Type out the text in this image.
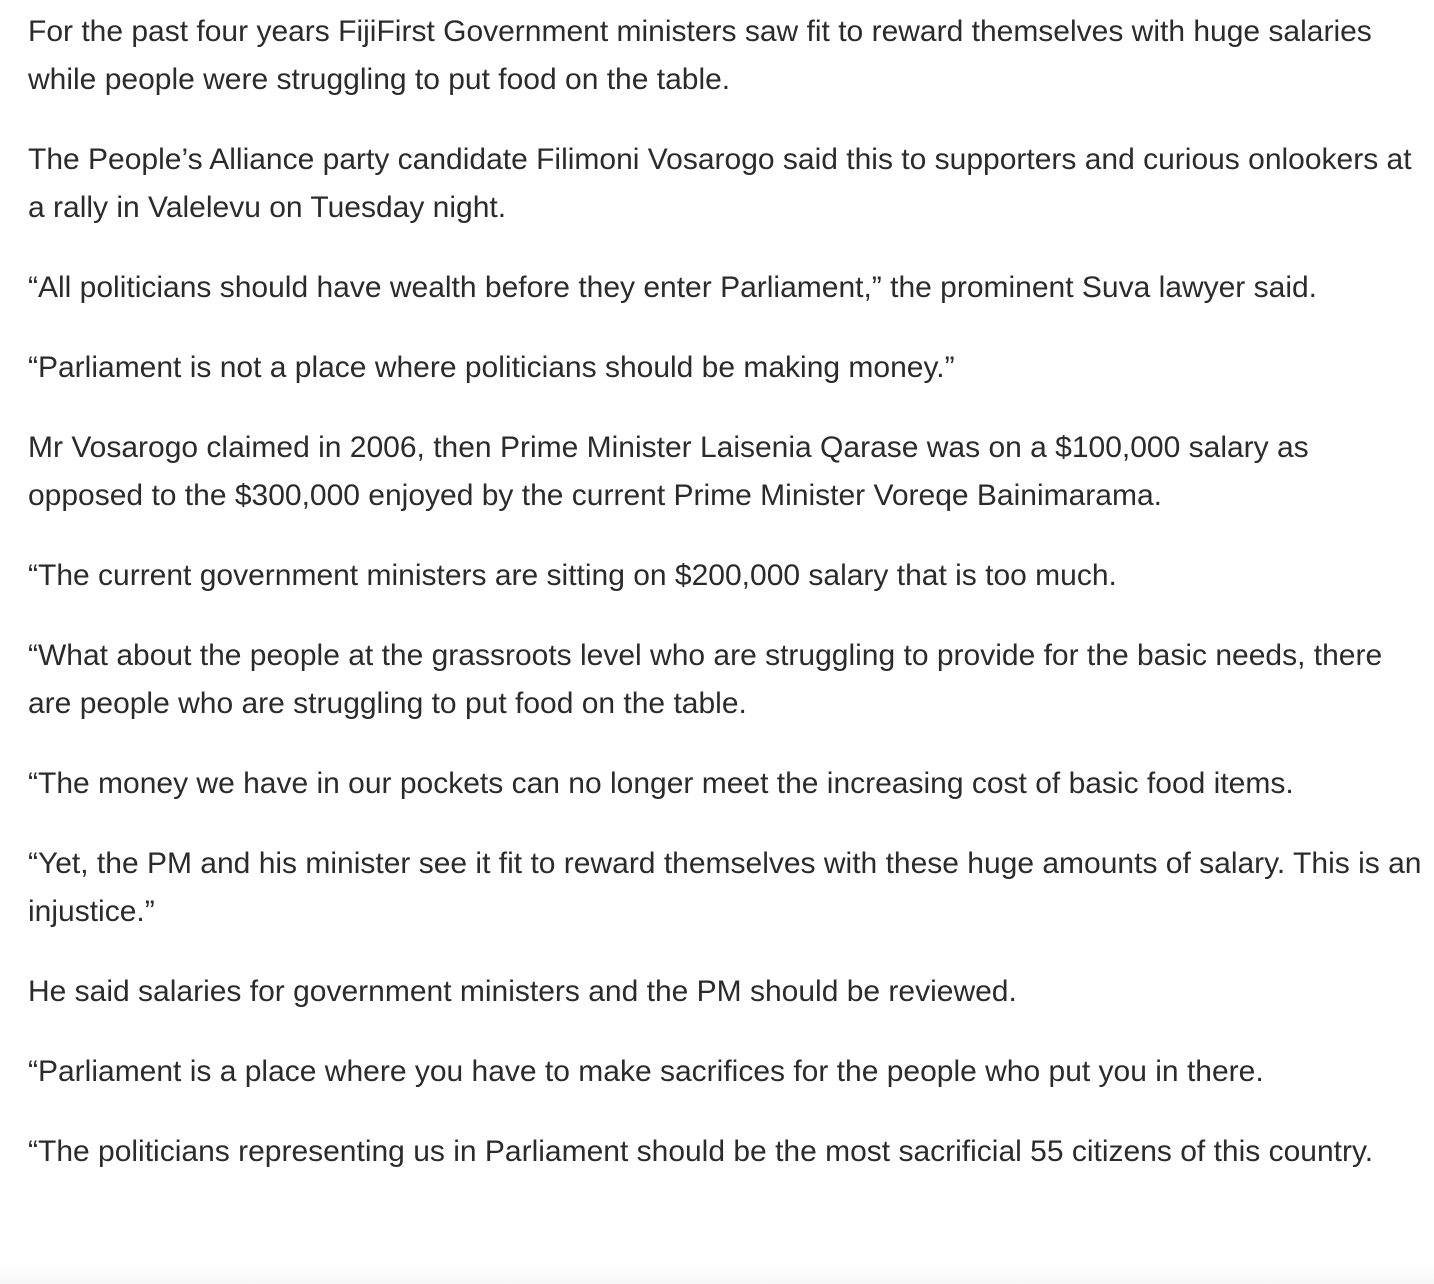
For the past four years FijiFirst Government ministers saw fit to reward themselves with huge salaries while people were struggling to put food on the table.

The People’s Alliance party candidate Filimoni Vosarogo said this to supporters and curious onlookers at a rally in Valelevu on Tuesday night.

“All politicians should have wealth before they enter Parliament,” the prominent Suva lawyer said.

“Parliament is not a place where politicians should be making money.”

Mr Vosarogo claimed in 2006, then Prime Minister Laisenia Qarase was on a $100,000 salary as opposed to the $300,000 enjoyed by the current Prime Minister Voreqe Bainimarama.

“The current government ministers are sitting on $200,000 salary that is too much.

“What about the people at the grassroots level who are struggling to provide for the basic needs, there are people who are struggling to put food on the table.

“The money we have in our pockets can no longer meet the increasing cost of basic food items.

“Yet, the PM and his minister see it fit to reward themselves with these huge amounts of salary. This is an injustice.”

He said salaries for government ministers and the PM should be reviewed.

“Parliament is a place where you have to make sacrifices for the people who put you in there.

“The politicians representing us in Parliament should be the most sacrificial 55 citizens of this country.
